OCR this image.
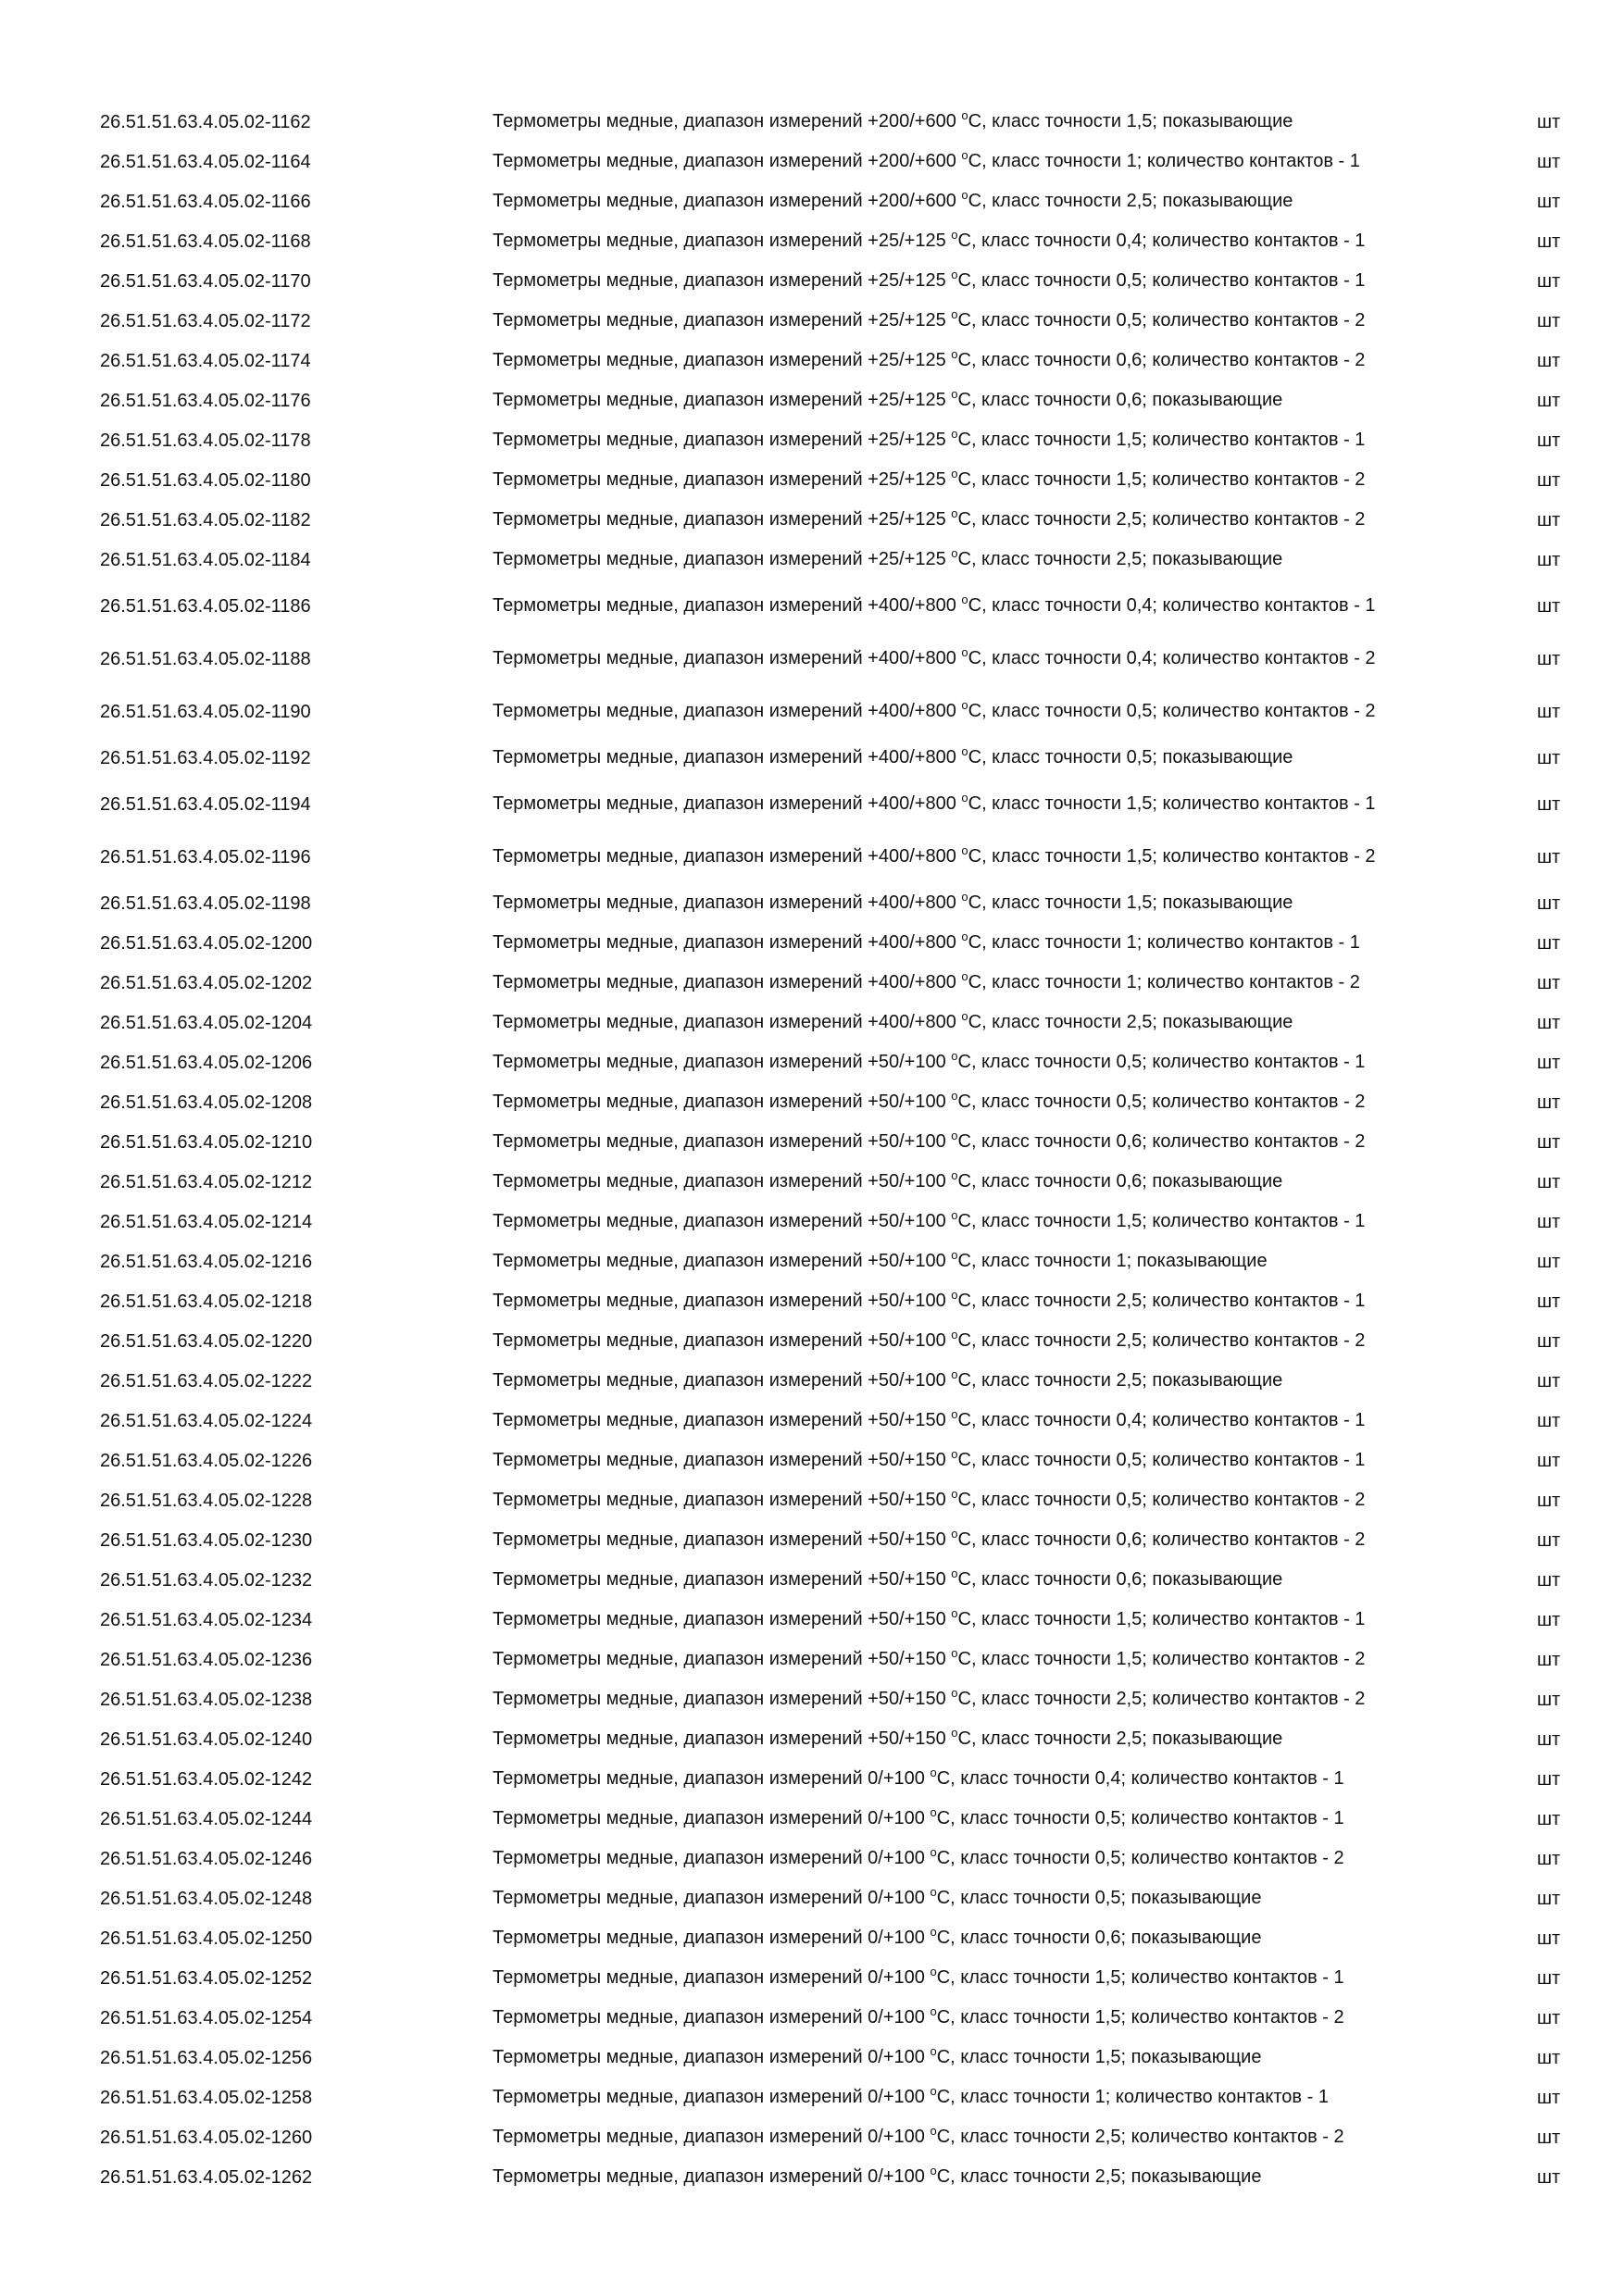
26.51.51.63.4.05.02-1162	Термометры медные, диапазон измерений +200/+600 $^o$C, класс точности 1,5; показывающие	шт
26.51.51.63.4.05.02-1164	Термометры медные, диапазон измерений +200/+600 $^o$C, класс точности 1; количество контактов - 1	шт
26.51.51.63.4.05.02-1166	Термометры медные, диапазон измерений +200/+600 $^o$C, класс точности 2,5; показывающие	шт
26.51.51.63.4.05.02-1168	Термометры медные, диапазон измерений +25/+125 $^o$C, класс точности 0,4; количество контактов - 1	шт
26.51.51.63.4.05.02-1170	Термометры медные, диапазон измерений +25/+125 $^o$C, класс точности 0,5; количество контактов - 1	шт
26.51.51.63.4.05.02-1172	Термометры медные, диапазон измерений +25/+125 $^o$C, класс точности 0,5; количество контактов - 2	шт
26.51.51.63.4.05.02-1174	Термометры медные, диапазон измерений +25/+125 $^o$C, класс точности 0,6; количество контактов - 2	шт
26.51.51.63.4.05.02-1176	Термометры медные, диапазон измерений +25/+125 $^o$C, класс точности 0,6; показывающие	шт
26.51.51.63.4.05.02-1178	Термометры медные, диапазон измерений +25/+125 $^o$C, класс точности 1,5; количество контактов - 1	шт
26.51.51.63.4.05.02-1180	Термометры медные, диапазон измерений +25/+125 $^o$C, класс точности 1,5; количество контактов - 2	шт
26.51.51.63.4.05.02-1182	Термометры медные, диапазон измерений +25/+125 $^o$C, класс точности 2,5; количество контактов - 2	шт
26.51.51.63.4.05.02-1184	Термометры медные, диапазон измерений +25/+125 $^o$C, класс точности 2,5; показывающие	шт
26.51.51.63.4.05.02-1186	Термометры медные, диапазон измерений +400/+800 $^o$C, класс точности 0,4; количество контактов - 1	шт
26.51.51.63.4.05.02-1188	Термометры медные, диапазон измерений +400/+800 $^o$C, класс точности 0,4; количество контактов - 2	шт
26.51.51.63.4.05.02-1190	Термометры медные, диапазон измерений +400/+800 $^o$C, класс точности 0,5; количество контактов - 2	шт
26.51.51.63.4.05.02-1192	Термометры медные, диапазон измерений +400/+800 $^o$C, класс точности 0,5; показывающие	шт
26.51.51.63.4.05.02-1194	Термометры медные, диапазон измерений +400/+800 $^o$C, класс точности 1,5; количество контактов - 1	шт
26.51.51.63.4.05.02-1196	Термометры медные, диапазон измерений +400/+800 $^o$C, класс точности 1,5; количество контактов - 2	шт
26.51.51.63.4.05.02-1198	Термометры медные, диапазон измерений +400/+800 $^o$C, класс точности 1,5; показывающие	шт
26.51.51.63.4.05.02-1200	Термометры медные, диапазон измерений +400/+800 $^o$C, класс точности 1; количество контактов - 1	шт
26.51.51.63.4.05.02-1202	Термометры медные, диапазон измерений +400/+800 $^o$C, класс точности 1; количество контактов - 2	шт
26.51.51.63.4.05.02-1204	Термометры медные, диапазон измерений +400/+800 $^o$C, класс точности 2,5; показывающие	шт
26.51.51.63.4.05.02-1206	Термометры медные, диапазон измерений +50/+100 $^o$C, класс точности 0,5; количество контактов - 1	шт
26.51.51.63.4.05.02-1208	Термометры медные, диапазон измерений +50/+100 $^o$C, класс точности 0,5; количество контактов - 2	шт
26.51.51.63.4.05.02-1210	Термометры медные, диапазон измерений +50/+100 $^o$C, класс точности 0,6; количество контактов - 2	шт
26.51.51.63.4.05.02-1212	Термометры медные, диапазон измерений +50/+100 $^o$C, класс точности 0,6; показывающие	шт
26.51.51.63.4.05.02-1214	Термометры медные, диапазон измерений +50/+100 $^o$C, класс точности 1,5; количество контактов - 1	шт
26.51.51.63.4.05.02-1216	Термометры медные, диапазон измерений +50/+100 $^o$C, класс точности 1; показывающие	шт
26.51.51.63.4.05.02-1218	Термометры медные, диапазон измерений +50/+100 $^o$C, класс точности 2,5; количество контактов - 1	шт
26.51.51.63.4.05.02-1220	Термометры медные, диапазон измерений +50/+100 $^o$C, класс точности 2,5; количество контактов - 2	шт
26.51.51.63.4.05.02-1222	Термометры медные, диапазон измерений +50/+100 $^o$C, класс точности 2,5; показывающие	шт
26.51.51.63.4.05.02-1224	Термометры медные, диапазон измерений +50/+150 $^o$C, класс точности 0,4; количество контактов - 1	шт
26.51.51.63.4.05.02-1226	Термометры медные, диапазон измерений +50/+150 $^o$C, класс точности 0,5; количество контактов - 1	шт
26.51.51.63.4.05.02-1228	Термометры медные, диапазон измерений +50/+150 $^o$C, класс точности 0,5; количество контактов - 2	шт
26.51.51.63.4.05.02-1230	Термометры медные, диапазон измерений +50/+150 $^o$C, класс точности 0,6; количество контактов - 2	шт
26.51.51.63.4.05.02-1232	Термометры медные, диапазон измерений +50/+150 $^o$C, класс точности 0,6; показывающие	шт
26.51.51.63.4.05.02-1234	Термометры медные, диапазон измерений +50/+150 $^o$C, класс точности 1,5; количество контактов - 1	шт
26.51.51.63.4.05.02-1236	Термометры медные, диапазон измерений +50/+150 $^o$C, класс точности 1,5; количество контактов - 2	шт
26.51.51.63.4.05.02-1238	Термометры медные, диапазон измерений +50/+150 $^o$C, класс точности 2,5; количество контактов - 2	шт
26.51.51.63.4.05.02-1240	Термометры медные, диапазон измерений +50/+150 $^o$C, класс точности 2,5; показывающие	шт
26.51.51.63.4.05.02-1242	Термометры медные, диапазон измерений 0/+100 $^o$C, класс точности 0,4; количество контактов - 1	шт
26.51.51.63.4.05.02-1244	Термометры медные, диапазон измерений 0/+100 $^o$C, класс точности 0,5; количество контактов - 1	шт
26.51.51.63.4.05.02-1246	Термометры медные, диапазон измерений 0/+100 $^o$C, класс точности 0,5; количество контактов - 2	шт
26.51.51.63.4.05.02-1248	Термометры медные, диапазон измерений 0/+100 $^o$C, класс точности 0,5; показывающие	шт
26.51.51.63.4.05.02-1250	Термометры медные, диапазон измерений 0/+100 $^o$C, класс точности 0,6; показывающие	шт
26.51.51.63.4.05.02-1252	Термометры медные, диапазон измерений 0/+100 $^o$C, класс точности 1,5; количество контактов - 1	шт
26.51.51.63.4.05.02-1254	Термометры медные, диапазон измерений 0/+100 $^o$C, класс точности 1,5; количество контактов - 2	шт
26.51.51.63.4.05.02-1256	Термометры медные, диапазон измерений 0/+100 $^o$C, класс точности 1,5; показывающие	шт
26.51.51.63.4.05.02-1258	Термометры медные, диапазон измерений 0/+100 $^o$C, класс точности 1; количество контактов - 1	шт
26.51.51.63.4.05.02-1260	Термометры медные, диапазон измерений 0/+100 $^o$C, класс точности 2,5; количество контактов - 2	шт
26.51.51.63.4.05.02-1262	Термометры медные, диапазон измерений 0/+100 $^o$C, класс точности 2,5; показывающие	шт
